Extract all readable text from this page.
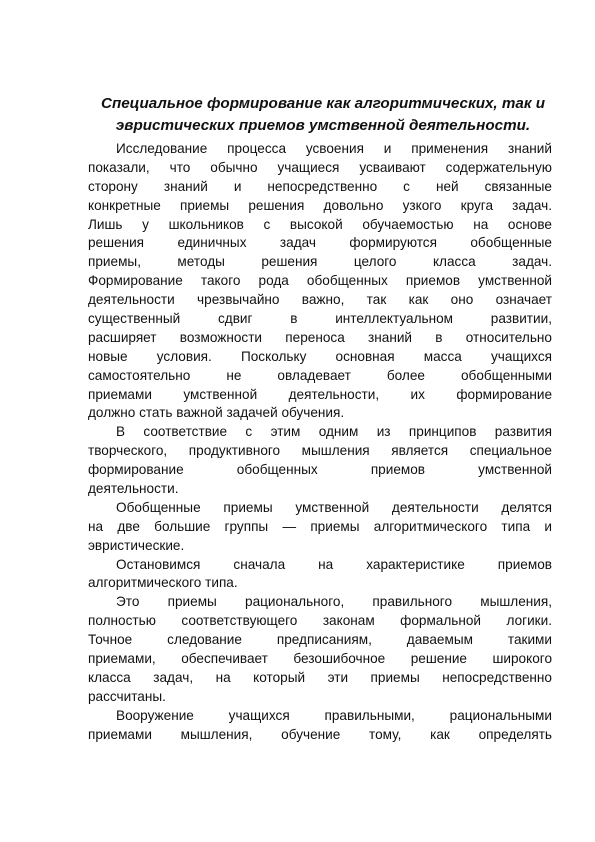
Специальное формирование как алгоритмических, так и
эвристических приемов умственной деятельности.
Исследование процесса усвоения и применения знаний
показали, что обычно учащиеся усваивают содержательную
сторону знаний и непосредственно с ней связанные
конкретные приемы решения довольно узкого круга задач.
Лишь у школьников с высокой обучаемостью на основе
решения единичных задач формируются обобщенные
приемы, методы решения целого класса задач.
Формирование такого рода обобщенных приемов умственной
деятельности чрезвычайно важно, так как оно означает
существенный сдвиг в интеллектуальном развитии,
расширяет возможности переноса знаний в относительно
новые условия. Поскольку основная масса учащихся
самостоятельно не овладевает более обобщенными
приемами умственной деятельности, их формирование
должно стать важной задачей обучения.
В соответствие с этим одним из принципов развития
творческого, продуктивного мышления является специальное
формирование обобщенных приемов умственной
деятельности.
Обобщенные приемы умственной деятельности делятся
на две большие группы — приемы алгоритмического типа и
эвристические.
Остановимся сначала на характеристике приемов
алгоритмического типа.
Это приемы рационального, правильного мышления,
полностью соответствующего законам формальной логики.
Точное следование предписаниям, даваемым такими
приемами, обеспечивает безошибочное решение широкого
класса задач, на который эти приемы непосредственно
рассчитаны.
Вооружение учащихся правильными, рациональными
приемами мышления, обучение тому, как определять
